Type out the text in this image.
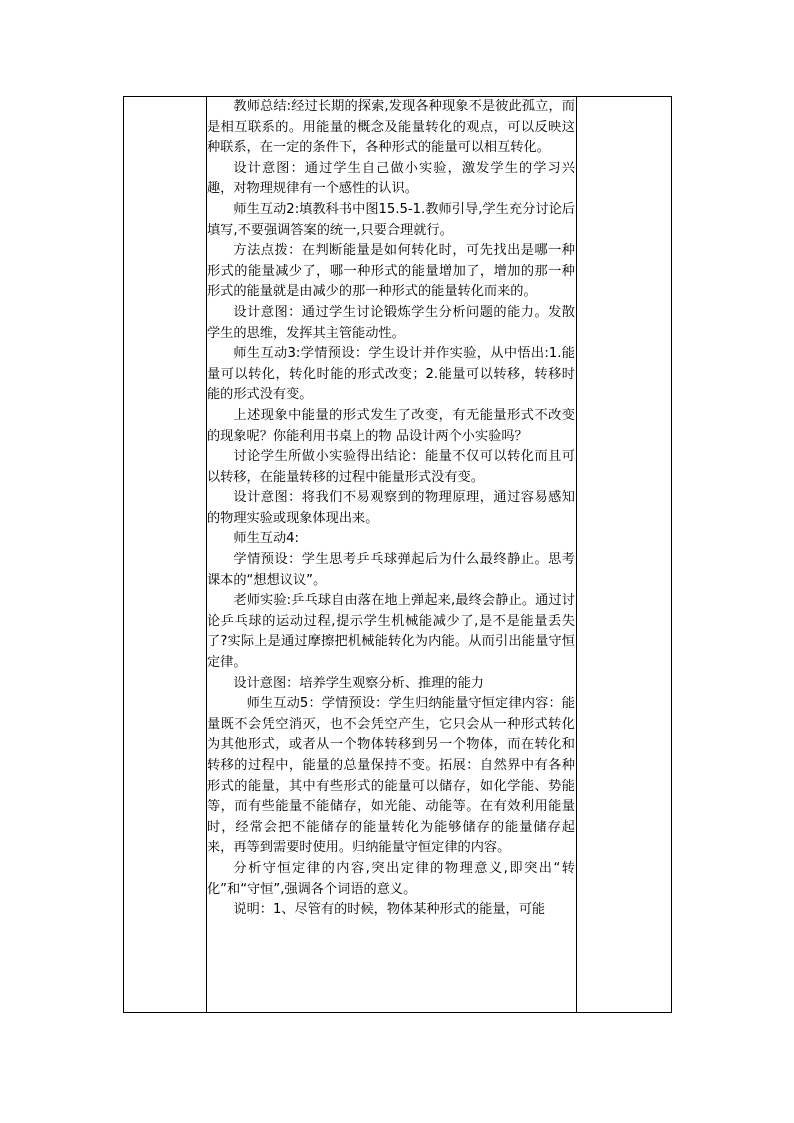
教师总结:经过长期的探索,发现各种现象不是彼此孤立，而是相互联系的。用能量的概念及能量转化的观点，可以反映这种联系，在一定的条件下，各种形式的能量可以相互转化。

设计意图：通过学生自己做小实验，激发学生的学习兴趣，对物理规律有一个感性的认识。

师生互动2:填教科书中图15.5-1.教师引导,学生充分讨论后填写,不要强调答案的统一,只要合理就行。

方法点拨：在判断能量是如何转化时，可先找出是哪一种形式的能量减少了，哪一种形式的能量增加了，增加的那一种形式的能量就是由减少的那一种形式的能量转化而来的。

设计意图：通过学生讨论锻炼学生分析问题的能力。发散学生的思维，发挥其主管能动性。

师生互动3:学情预设：学生设计并作实验，从中悟出:1.能量可以转化，转化时能的形式改变；2.能量可以转移，转移时能的形式没有变。

上述现象中能量的形式发生了改变，有无能量形式不改变的现象呢？你能利用书桌上的物 品设计两个小实验吗？

讨论学生所做小实验得出结论：能量不仅可以转化而且可以转移，在能量转移的过程中能量形式没有变。

设计意图：将我们不易观察到的物理原理，通过容易感知的物理实验或现象体现出来。

师生互动4:

学情预设：学生思考乒乓球弹起后为什么最终静止。思考课本的“想想议议”。

老师实验:乒乓球自由落在地上弹起来,最终会静止。通过讨论乒乓球的运动过程,提示学生机械能减少了,是不是能量丢失了?实际上是通过摩擦把机械能转化为内能。从而引出能量守恒定律。

设计意图：培养学生观察分析、推理的能力

师生互动5：学情预设：学生归纳能量守恒定律内容：能量既不会凭空消灭，也不会凭空产生，它只会从一种形式转化为其他形式，或者从一个物体转移到另一个物体，而在转化和转移的过程中，能量的总量保持不变。拓展：自然界中有各种形式的能量，其中有些形式的能量可以储存，如化学能、势能等，而有些能量不能储存，如光能、动能等。在有效利用能量时，经常会把不能储存的能量转化为能够储存的能量储存起来，再等到需要时使用。归纳能量守恒定律的内容。

分析守恒定律的内容,突出定律的物理意义,即突出“转化”和“守恒”,强调各个词语的意义。

说明：1、尽管有的时候，物体某种形式的能量，可能
